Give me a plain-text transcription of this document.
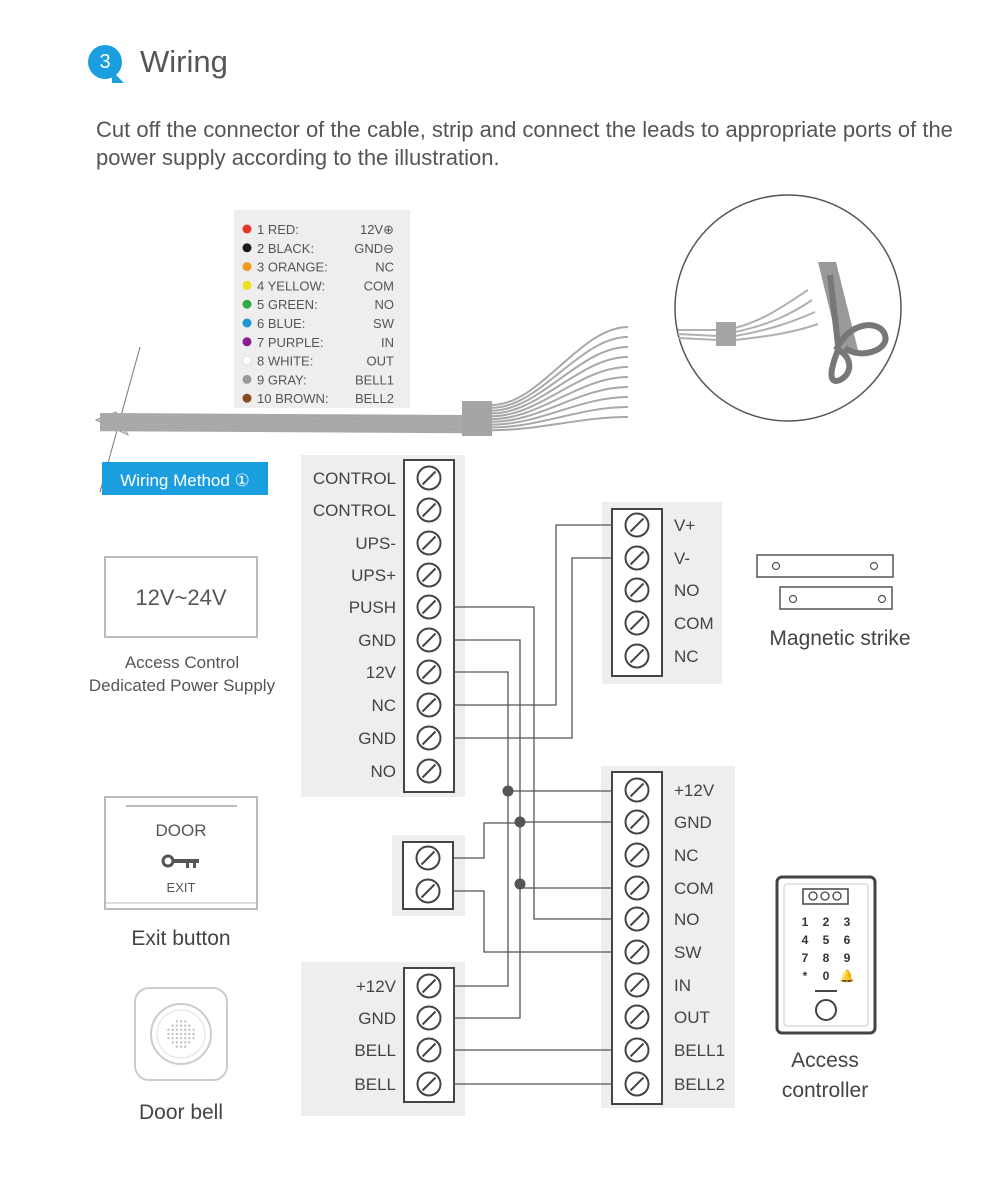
3 Wiring
Cut off the connector of the cable, strip and connect the leads to appropriate ports of the power supply according to the illustration.
1 RED:	12V⊕
2 BLACK:	GND⊖
3 ORANGE:	NC
4 YELLOW:	COM
5 GREEN:	NO
6 BLUE:	SW
7 PURPLE:	IN
8 WHITE:	OUT
9 GRAY:	BELL1
10 BROWN: BELL2
Wiring Method ①
12V~24V
Access Control
Dedicated Power Supply
DOOR
EXIT
Exit button
Door bell
Magnetic strike
1 2 3
4 5 6
7 8 9
* 0 🔔
Access
controller
CONTROL
CONTROL
UPS-
UPS+
PUSH
GND
12V
NC
GND
NO
V+
V-
NO
COM
NC
+12V
GND
BELL
BELL
+12V
GND
NC
COM
NO
SW
IN
OUT
BELL1
BELL2
